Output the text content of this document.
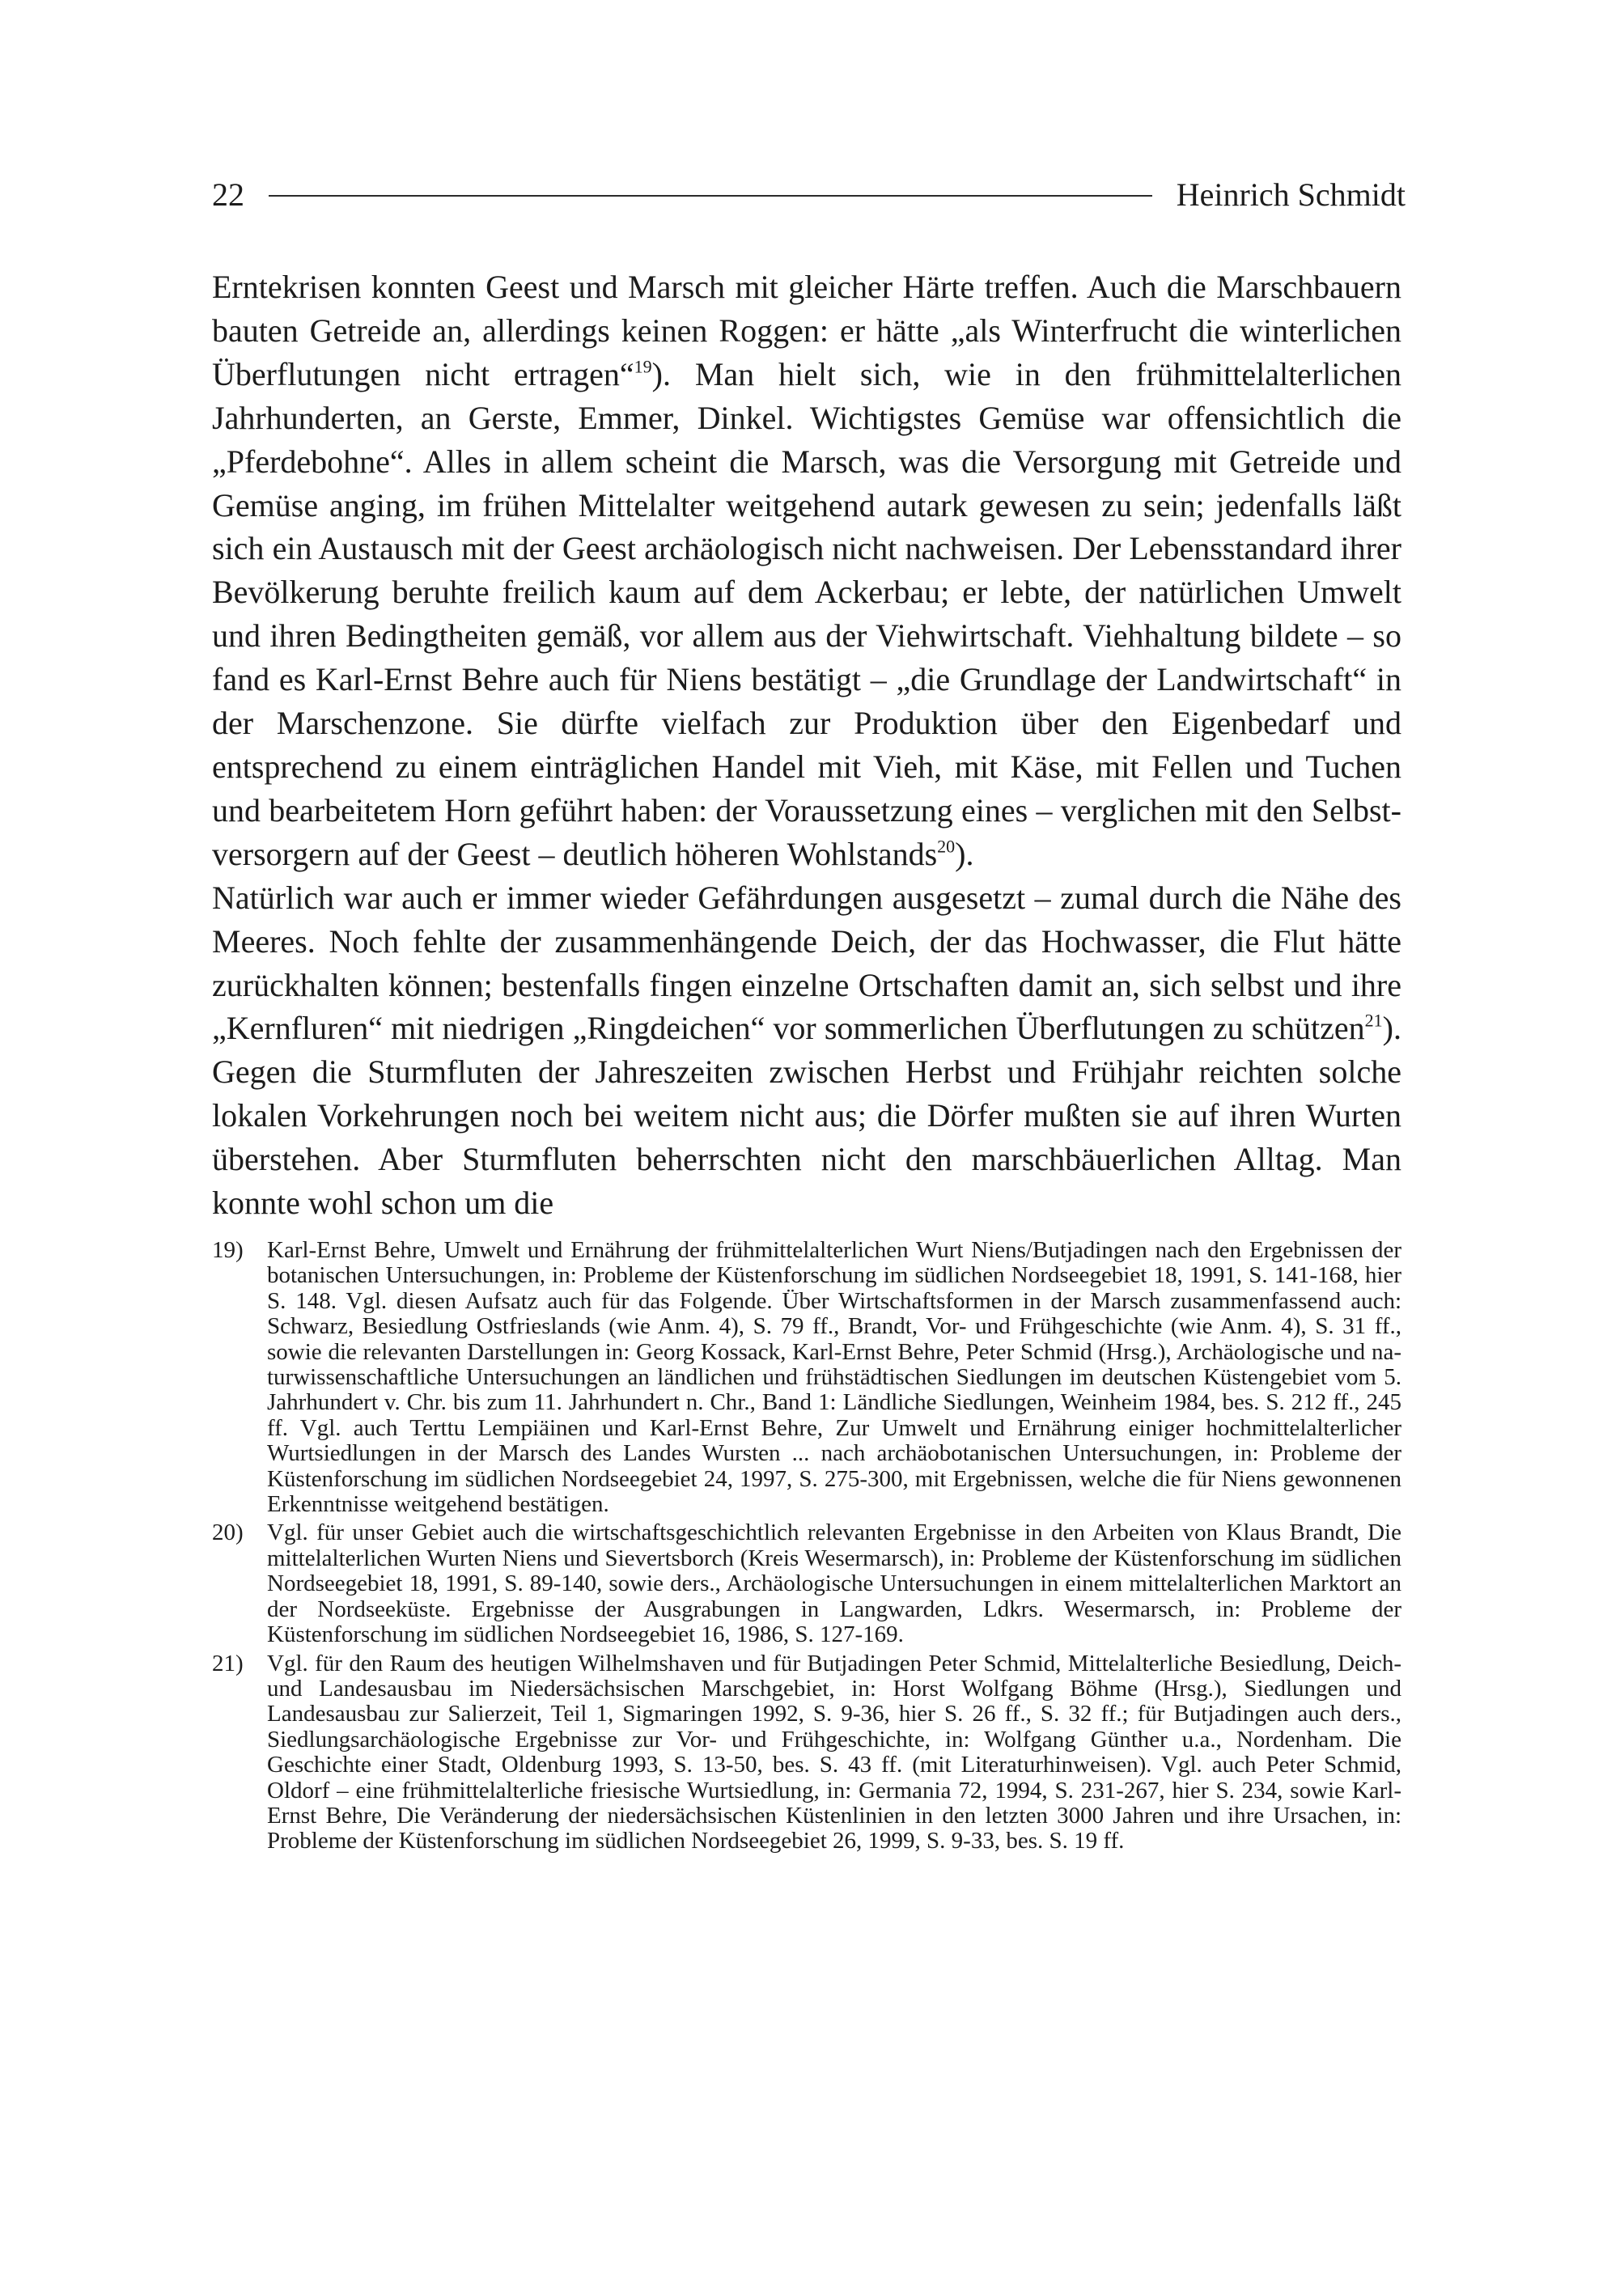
22	Heinrich Schmidt

Erntekrisen konnten Geest und Marsch mit gleicher Härte treffen. Auch die Marschbauern bauten Getreide an, allerdings keinen Roggen: er hätte „als Winterfrucht die winterlichen Überflutungen nicht ertragen“$^{19}$). Man hielt sich, wie in den frühmittelalterlichen Jahrhunderten, an Gerste, Emmer, Dinkel. Wichtigstes Gemüse war offensichtlich die „Pferdebohne“. Alles in allem scheint die Marsch, was die Versorgung mit Getreide und Gemüse anging, im frühen Mittelalter weitgehend autark gewesen zu sein; jedenfalls läßt sich ein Austausch mit der Geest archäologisch nicht nachweisen. Der Lebensstandard ihrer Bevölkerung beruhte freilich kaum auf dem Ackerbau; er lebte, der natürlichen Umwelt und ihren Bedingtheiten gemäß, vor allem aus der Viehwirtschaft. Viehhaltung bildete – so fand es Karl-Ernst Behre auch für Niens bestätigt – „die Grundlage der Landwirtschaft“ in der Marschenzone. Sie dürfte vielfach zur Produktion über den Eigenbedarf und entsprechend zu einem einträglichen Handel mit Vieh, mit Käse, mit Fellen und Tuchen und bearbeitetem Horn geführt haben: der Voraussetzung eines – verglichen mit den Selbstversorgern auf der Geest – deutlich höheren Wohlstands$^{20}$).

Natürlich war auch er immer wieder Gefährdungen ausgesetzt – zumal durch die Nähe des Meeres. Noch fehlte der zusammenhängende Deich, der das Hochwasser, die Flut hätte zurückhalten können; bestenfalls fingen einzelne Ortschaften damit an, sich selbst und ihre „Kernfluren“ mit niedrigen „Ringdeichen“ vor sommerlichen Überflutungen zu schützen$^{21}$). Gegen die Sturmfluten der Jahreszeiten zwischen Herbst und Frühjahr reichten solche lokalen Vorkehrungen noch bei weitem nicht aus; die Dörfer mußten sie auf ihren Wurten überstehen. Aber Sturmfluten beherrschten nicht den marschbäuerlichen Alltag. Man konnte wohl schon um die

19)	Karl-Ernst Behre, Umwelt und Ernährung der frühmittelalterlichen Wurt Niens/Butjadingen nach den Ergebnissen der botanischen Untersuchungen, in: Probleme der Küstenforschung im südlichen Nordseegebiet 18, 1991, S. 141-168, hier S. 148. Vgl. diesen Aufsatz auch für das Folgende. Über Wirtschaftsformen in der Marsch zusammenfassend auch: Schwarz, Besiedlung Ostfrieslands (wie Anm. 4), S. 79 ff., Brandt, Vor- und Frühgeschichte (wie Anm. 4), S. 31 ff., sowie die relevanten Darstellungen in: Georg Kossack, Karl-Ernst Behre, Peter Schmid (Hrsg.), Archäologische und naturwissenschaftliche Untersuchungen an ländlichen und frühstädtischen Siedlungen im deutschen Küstengebiet vom 5. Jahrhundert v. Chr. bis zum 11. Jahrhundert n. Chr., Band 1: Ländliche Siedlungen, Weinheim 1984, bes. S. 212 ff., 245 ff. Vgl. auch Terttu Lempiäinen und Karl-Ernst Behre, Zur Umwelt und Ernährung einiger hochmittelalterlicher Wurtsiedlungen in der Marsch des Landes Wursten ... nach archäobotanischen Untersuchungen, in: Probleme der Küstenforschung im südlichen Nordseegebiet 24, 1997, S. 275-300, mit Ergebnissen, welche die für Niens gewonnenen Erkenntnisse weitgehend bestätigen.
20)	Vgl. für unser Gebiet auch die wirtschaftsgeschichtlich relevanten Ergebnisse in den Arbeiten von Klaus Brandt, Die mittelalterlichen Wurten Niens und Sievertsborch (Kreis Wesermarsch), in: Probleme der Küstenforschung im südlichen Nordseegebiet 18, 1991, S. 89-140, sowie ders., Archäologische Untersuchungen in einem mittelalterlichen Marktort an der Nordseeküste. Ergebnisse der Ausgrabungen in Langwarden, Ldkrs. Wesermarsch, in: Probleme der Küstenforschung im südlichen Nordseegebiet 16, 1986, S. 127-169.
21)	Vgl. für den Raum des heutigen Wilhelmshaven und für Butjadingen Peter Schmid, Mittelalterliche Besiedlung, Deich- und Landesausbau im Niedersächsischen Marschgebiet, in: Horst Wolfgang Böhme (Hrsg.), Siedlungen und Landesausbau zur Salierzeit, Teil 1, Sigmaringen 1992, S. 9-36, hier S. 26 ff., S. 32 ff.; für Butjadingen auch ders., Siedlungsarchäologische Ergebnisse zur Vor- und Frühgeschichte, in: Wolfgang Günther u.a., Nordenham. Die Geschichte einer Stadt, Oldenburg 1993, S. 13-50, bes. S. 43 ff. (mit Literaturhinweisen). Vgl. auch Peter Schmid, Oldorf – eine frühmittelalterliche friesische Wurtsiedlung, in: Germania 72, 1994, S. 231-267, hier S. 234, sowie Karl-Ernst Behre, Die Veränderung der niedersächsischen Küstenlinien in den letzten 3000 Jahren und ihre Ursachen, in: Probleme der Küstenforschung im südlichen Nordseegebiet 26, 1999, S. 9-33, bes. S. 19 ff.
